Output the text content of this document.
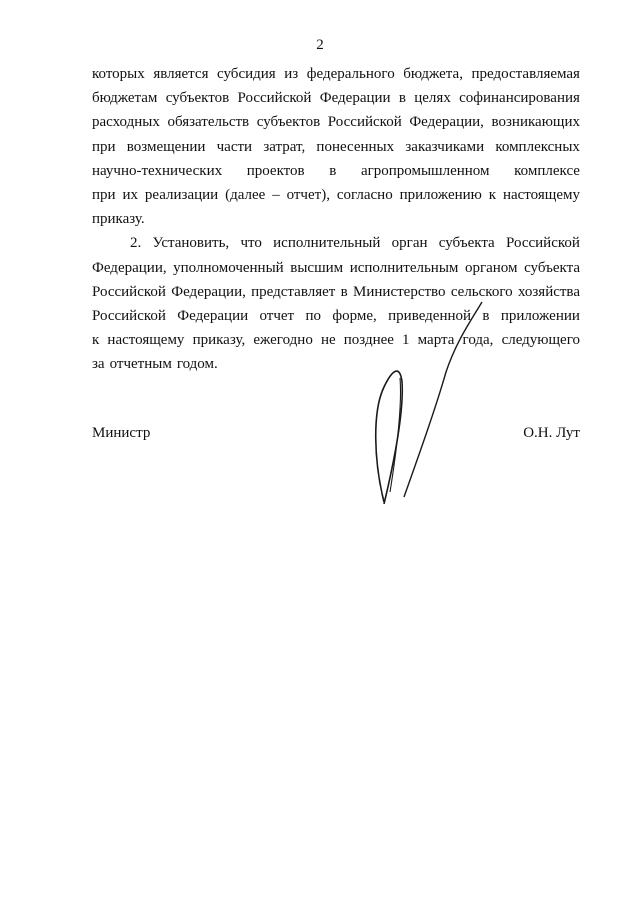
2
которых является субсидия из федерального бюджета, предоставляемая
бюджетам субъектов Российской Федерации в целях софинансирования
расходных обязательств субъектов Российской Федерации, возникающих
при возмещении части затрат, понесенных заказчиками комплексных
научно-технических проектов в агропромышленном комплексе
при их реализации (далее – отчет), согласно приложению к настоящему
приказу.
2. Установить, что исполнительный орган субъекта Российской
Федерации, уполномоченный высшим исполнительным органом субъекта
Российской Федерации, представляет в Министерство сельского хозяйства
Российской Федерации отчет по форме, приведенной в приложении
к настоящему приказу, ежегодно не позднее 1 марта года, следующего
за отчетным годом.
Министр	О.Н. Лут
